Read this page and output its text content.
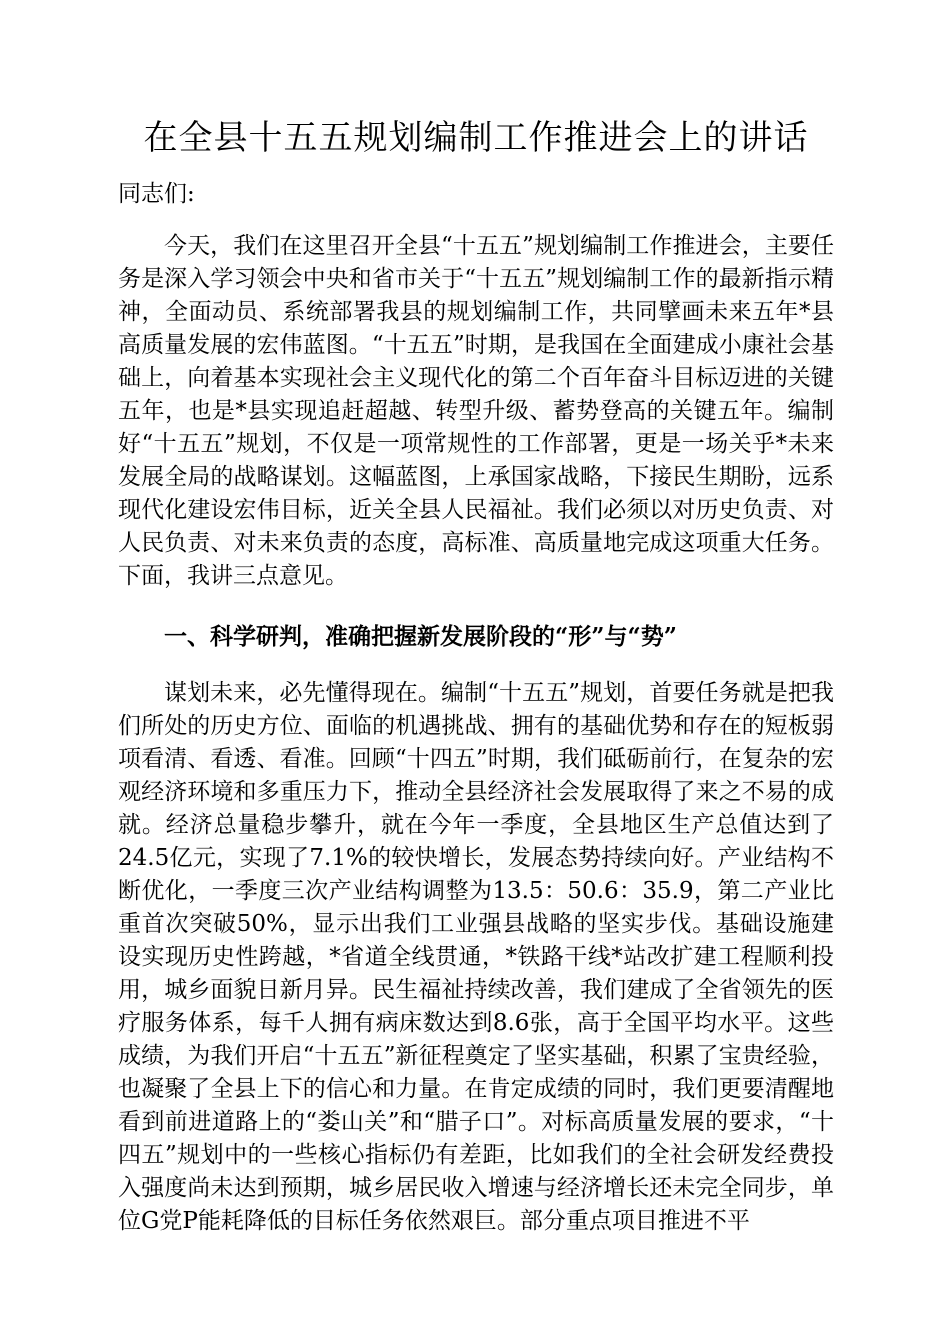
在全县十五五规划编制工作推进会上的讲话

同志们:

今天，我们在这里召开全县“十五五”规划编制工作推进会，主要任务是深入学习领会中央和省市关于“十五五”规划编制工作的最新指示精神，全面动员、系统部署我县的规划编制工作，共同擘画未来五年*县高质量发展的宏伟蓝图。“十五五”时期，是我国在全面建成小康社会基础上，向着基本实现社会主义现代化的第二个百年奋斗目标迈进的关键五年，也是*县实现追赶超越、转型升级、蓄势登高的关键五年。编制好“十五五”规划，不仅是一项常规性的工作部署，更是一场关乎*未来发展全局的战略谋划。这幅蓝图，上承国家战略，下接民生期盼，远系现代化建设宏伟目标，近关全县人民福祉。我们必须以对历史负责、对人民负责、对未来负责的态度，高标准、高质量地完成这项重大任务。下面，我讲三点意见。

一、科学研判，准确把握新发展阶段的“形”与“势”

谋划未来，必先懂得现在。编制“十五五”规划，首要任务就是把我们所处的历史方位、面临的机遇挑战、拥有的基础优势和存在的短板弱项看清、看透、看准。回顾“十四五”时期，我们砥砺前行，在复杂的宏观经济环境和多重压力下，推动全县经济社会发展取得了来之不易的成就。经济总量稳步攀升，就在今年一季度，全县地区生产总值达到了24.5亿元，实现了7.1%的较快增长，发展态势持续向好。产业结构不断优化，一季度三次产业结构调整为13.5：50.6：35.9，第二产业比重首次突破50%，显示出我们工业强县战略的坚实步伐。基础设施建设实现历史性跨越，*省道全线贯通，*铁路干线*站改扩建工程顺利投用，城乡面貌日新月异。民生福祉持续改善，我们建成了全省领先的医疗服务体系，每千人拥有病床数达到8.6张，高于全国平均水平。这些成绩，为我们开启“十五五”新征程奠定了坚实基础，积累了宝贵经验，也凝聚了全县上下的信心和力量。在肯定成绩的同时，我们更要清醒地看到前进道路上的“娄山关”和“腊子口”。对标高质量发展的要求，“十四五”规划中的一些核心指标仍有差距，比如我们的全社会研发经费投入强度尚未达到预期，城乡居民收入增速与经济增长还未完全同步，单位G党P能耗降低的目标任务依然艰巨。部分重点项目推进不平
